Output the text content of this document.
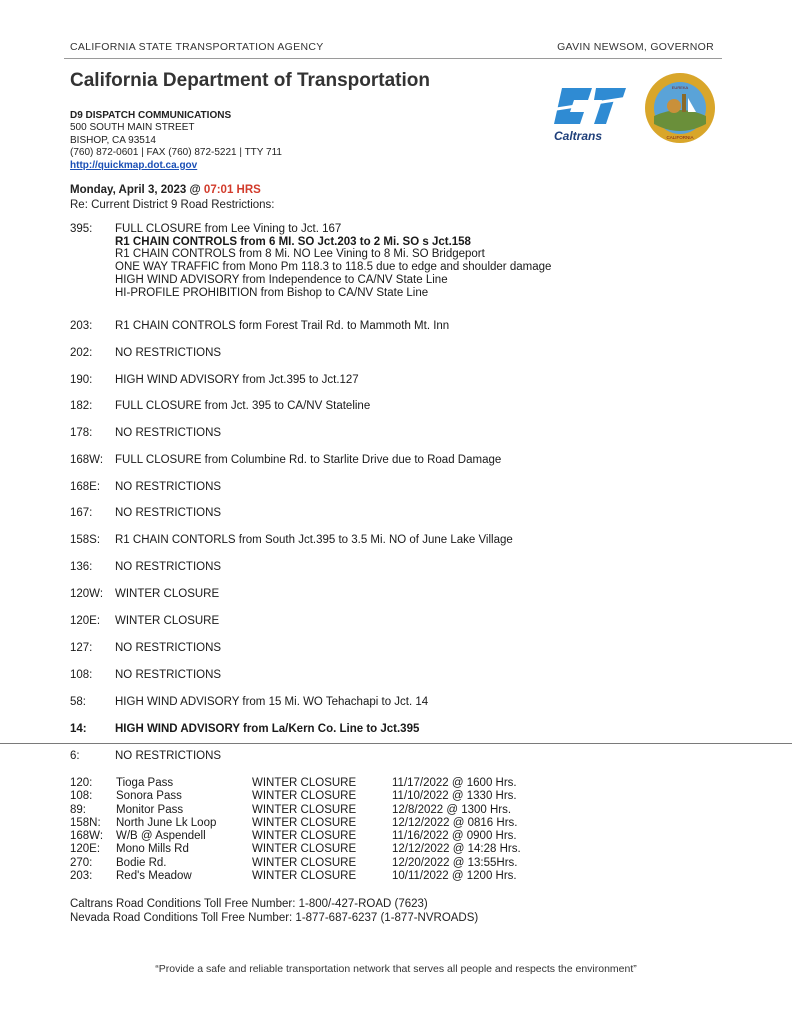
CALIFORNIA STATE TRANSPORTATION AGENCY	GAVIN NEWSOM, GOVERNOR
California Department of Transportation
D9 DISPATCH COMMUNICATIONS
500 SOUTH MAIN STREET
BISHOP, CA 93514
(760) 872-0601 | FAX (760) 872-5221 | TTY 711
http://quickmap.dot.ca.gov
Caltrans
EUREKA
CALIFORNIA
Monday, April 3, 2023 @ 07:01 HRS
Re: Current District 9 Road Restrictions:
395:	FULL CLOSURE from Lee Vining to Jct. 167
R1 CHAIN CONTROLS from 6 MI. SO Jct.203 to 2 Mi. SO s Jct.158
R1 CHAIN CONTROLS from 8 Mi. NO Lee Vining to 8 Mi. SO Bridgeport
ONE WAY TRAFFIC from Mono Pm 118.3 to 118.5 due to edge and shoulder damage
HIGH WIND ADVISORY from Independence to CA/NV State Line
HI-PROFILE PROHIBITION from Bishop to CA/NV State Line
203:	R1 CHAIN CONTROLS form Forest Trail Rd. to Mammoth Mt. Inn
202:	NO RESTRICTIONS
190:	HIGH WIND ADVISORY from Jct.395 to Jct.127
182:	FULL CLOSURE from Jct. 395 to CA/NV Stateline
178:	NO RESTRICTIONS
168W:	FULL CLOSURE from Columbine Rd. to Starlite Drive due to Road Damage
168E:	NO RESTRICTIONS
167:	NO RESTRICTIONS
158S:	R1 CHAIN CONTORLS from South Jct.395 to 3.5 Mi. NO of June Lake Village
136:	NO RESTRICTIONS
120W:	WINTER CLOSURE
120E:	WINTER CLOSURE
127:	NO RESTRICTIONS
108:	NO RESTRICTIONS
58:	HIGH WIND ADVISORY from 15 Mi. WO Tehachapi to Jct. 14
14:	HIGH WIND ADVISORY from La/Kern Co. Line to Jct.395
6:	NO RESTRICTIONS
120:	Tioga Pass	WINTER CLOSURE	11/17/2022 @ 1600 Hrs.
108:	Sonora Pass	WINTER CLOSURE	11/10/2022 @ 1330 Hrs.
89:	Monitor Pass	WINTER CLOSURE	12/8/2022 @ 1300 Hrs.
158N:	North June Lk Loop	WINTER CLOSURE	12/12/2022 @ 0816 Hrs.
168W:	W/B @ Aspendell	WINTER CLOSURE	11/16/2022 @ 0900 Hrs.
120E:	Mono Mills Rd	WINTER CLOSURE	12/12/2022 @ 14:28 Hrs.
270:	Bodie Rd.	WINTER CLOSURE	12/20/2022 @ 13:55Hrs.
203:	Red's Meadow	WINTER CLOSURE	10/11/2022 @ 1200 Hrs.
Caltrans Road Conditions Toll Free Number: 1-800/-427-ROAD (7623)
Nevada Road Conditions Toll Free Number: 1-877-687-6237 (1-877-NVROADS)
“Provide a safe and reliable transportation network that serves all people and respects the environment”
